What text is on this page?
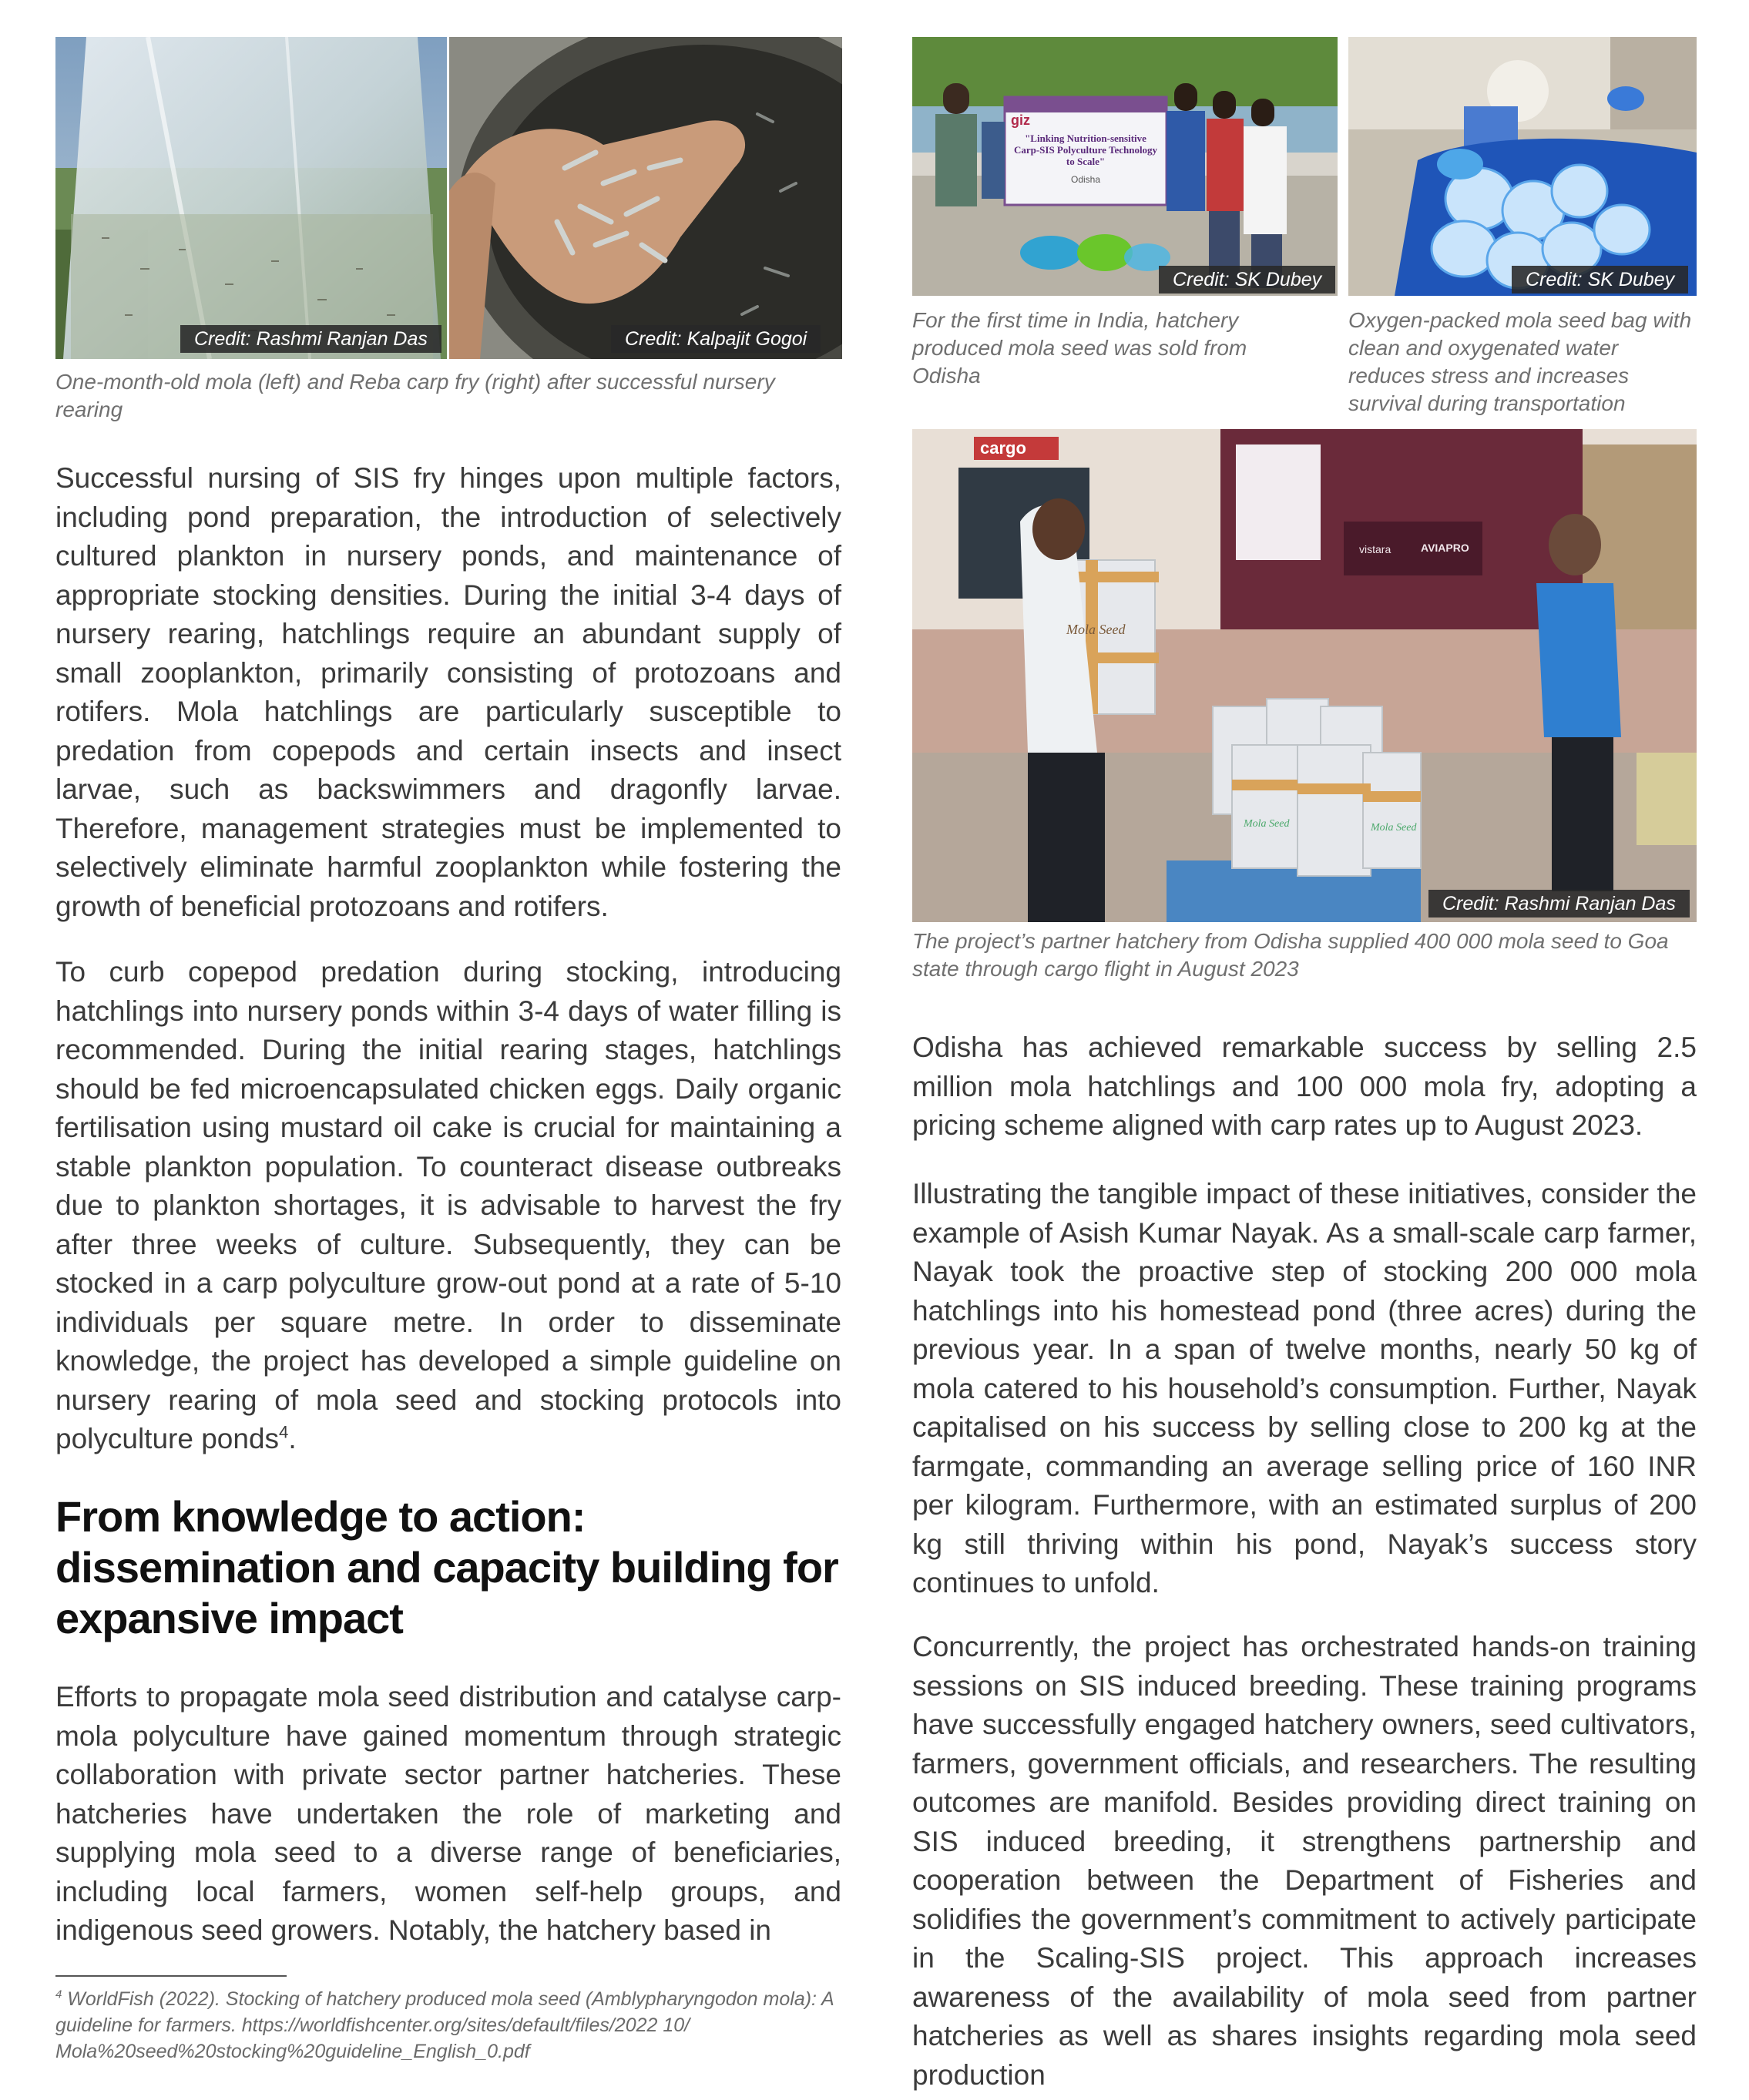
Credit: Rashmi Ranjan Das	Credit: Kalpajit Gogoi

One-month-old mola (left) and Reba carp fry (right) after successful nursery rearing

giz
"Linking Nutrition-sensitive Carp-SIS Polyculture Technology to Scale"
Odisha
Credit: SK Dubey	Credit: SK Dubey

For the first time in India, hatchery produced mola seed was sold from Odisha

Oxygen-packed mola seed bag with clean and oxygenated water reduces stress and increases survival during transportation

cargo
vistara	AVIAPRO
Mola Seed
Mola Seed	Mola Seed
Credit: Rashmi Ranjan Das

The project’s partner hatchery from Odisha supplied 400 000 mola seed to Goa state through cargo flight in August 2023

Successful nursing of SIS fry hinges upon multiple factors, including pond preparation, the introduction of selectively cultured plankton in nursery ponds, and maintenance of appropriate stocking densities. During the initial 3-4 days of nursery rearing, hatchlings require an abundant supply of small zooplankton, primarily consisting of protozoans and rotifers. Mola hatchlings are particularly susceptible to predation from copepods and certain insects and insect larvae, such as backswimmers and dragonfly larvae. Therefore, management strategies must be implemented to selectively eliminate harmful zooplankton while fostering the growth of beneficial protozoans and rotifers.

To curb copepod predation during stocking, introducing hatchlings into nursery ponds within 3-4 days of water filling is recommended. During the initial rearing stages, hatchlings should be fed microencapsulated chicken eggs. Daily organic fertilisation using mustard oil cake is crucial for maintaining a stable plankton population. To counteract disease outbreaks due to plankton shortages, it is advisable to harvest the fry after three weeks of culture. Subsequently, they can be stocked in a carp polyculture grow-out pond at a rate of 5-10 individuals per square metre. In order to disseminate knowledge, the project has developed a simple guideline on nursery rearing of mola seed and stocking protocols into polyculture ponds$^4$.

From knowledge to action: dissemination and capacity building for expansive impact

Efforts to propagate mola seed distribution and catalyse carp-mola polyculture have gained momentum through strategic collaboration with private sector partner hatcheries. These hatcheries have undertaken the role of marketing and supplying mola seed to a diverse range of beneficiaries, including local farmers, women self-help groups, and indigenous seed growers. Notably, the hatchery based in

$^4$ WorldFish (2022). Stocking of hatchery produced mola seed (Amblypharyngodon mola): A guideline for farmers. https://worldfishcenter.org/sites/default/files/2022 10/ Mola%20seed%20stocking%20guideline_English_0.pdf

Odisha has achieved remarkable success by selling 2.5 million mola hatchlings and 100 000 mola fry, adopting a pricing scheme aligned with carp rates up to August 2023.

Illustrating the tangible impact of these initiatives, consider the example of Asish Kumar Nayak. As a small-scale carp farmer, Nayak took the proactive step of stocking 200 000 mola hatchlings into his homestead pond (three acres) during the previous year. In a span of twelve months, nearly 50 kg of mola catered to his household’s consumption. Further, Nayak capitalised on his success by selling close to 200 kg at the farmgate, commanding an average selling price of 160 INR per kilogram. Furthermore, with an estimated surplus of 200 kg still thriving within his pond, Nayak’s success story continues to unfold.

Concurrently, the project has orchestrated hands-on training sessions on SIS induced breeding. These training programs have successfully engaged hatchery owners, seed cultivators, farmers, government officials, and researchers. The resulting outcomes are manifold. Besides providing direct training on SIS induced breeding, it strengthens partnership and cooperation between the Department of Fisheries and solidifies the government’s commitment to actively participate in the Scaling-SIS project. This approach increases awareness of the availability of mola seed from partner hatcheries as well as shares insights regarding mola seed production
